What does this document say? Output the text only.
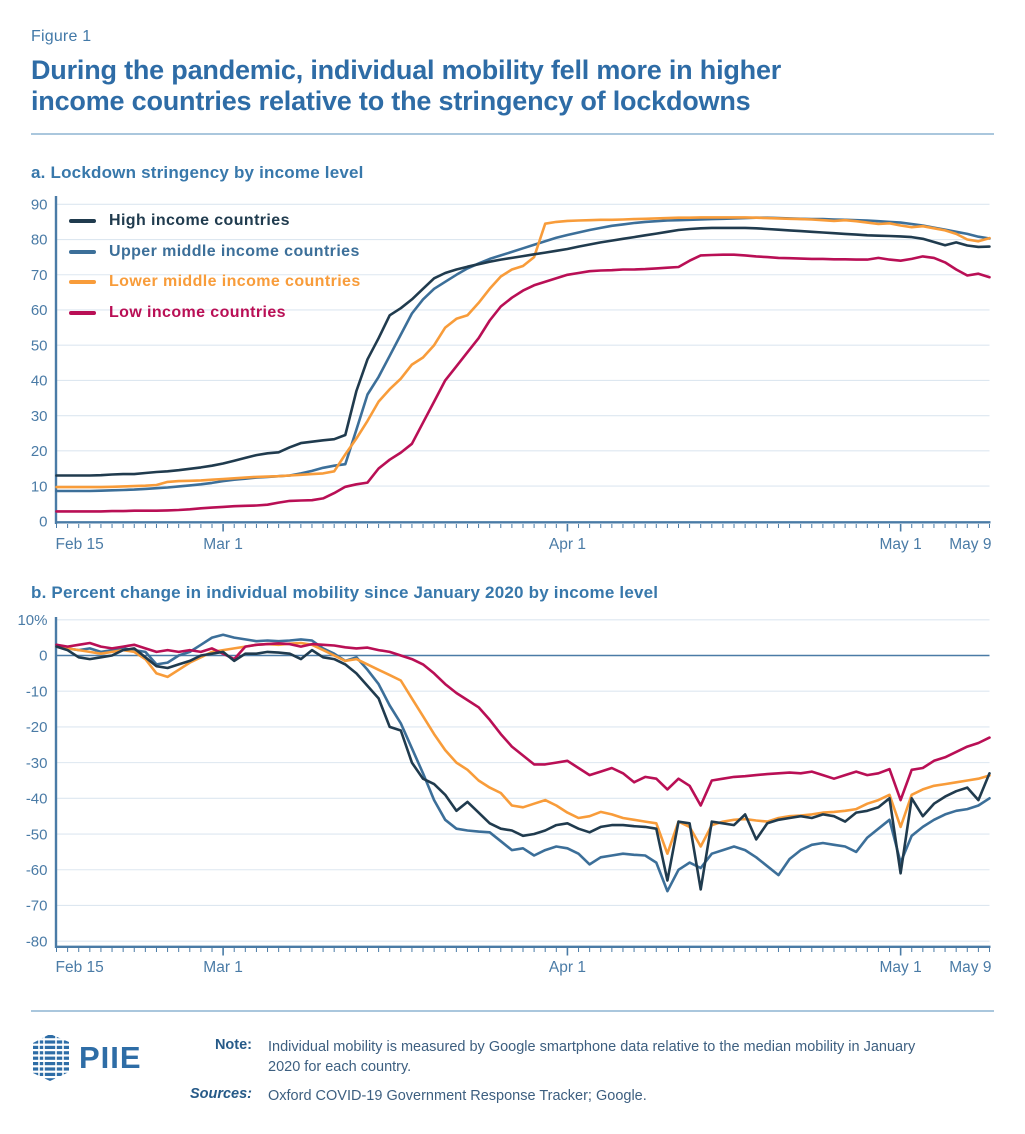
Figure 1
During the pandemic, individual mobility fell more in higher
income countries relative to the stringency of lockdowns
a. Lockdown stringency by income level
b. Percent change in individual mobility since January 2020 by income level
0
10
20
30
40
50
60
70
80
90
Feb 15	Mar 1	Apr 1	May 1 May 9
10%
0
-10
-20
-30
-40
-50
-60
-70
-80
Feb 15	Mar 1	Apr 1	May 1 May 9
High income countries
Upper middle income countries
Lower middle income countries
Low income countries
PIIE	Note: Individual mobility is measured by Google smartphone data relative to the median mobility in January 2020 for each country.
Sources: Oxford COVID-19 Government Response Tracker; Google.
